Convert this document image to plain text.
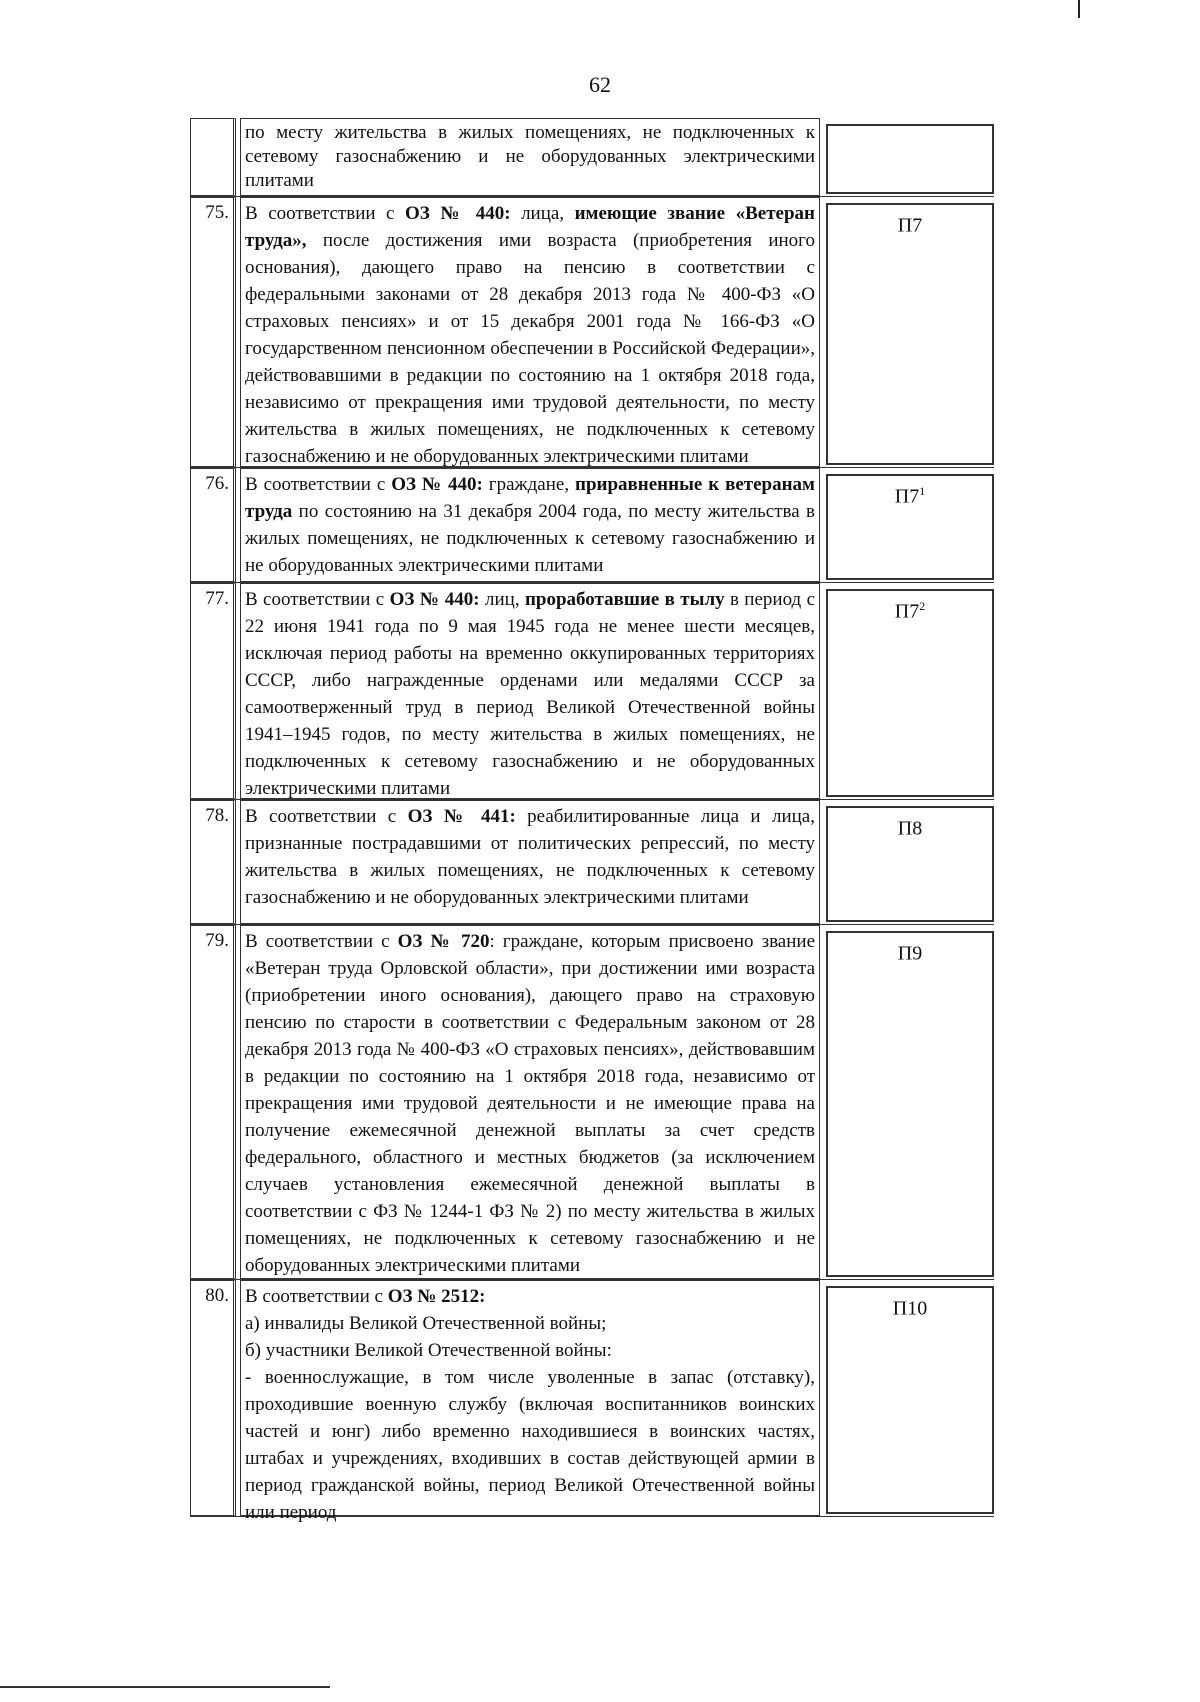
62
по месту жительства в жилых помещениях, не подключенных к сетевому газоснабжению и не оборудованных электрическими плитами
75. В соответствии с ОЗ № 440: лица, имеющие звание «Ветеран труда», после достижения ими возраста (приобретения иного основания), дающего право на пенсию в соответствии с федеральными законами от 28 декабря 2013 года № 400-ФЗ «О страховых пенсиях» и от 15 декабря 2001 года № 166-ФЗ «О государственном пенсионном обеспечении в Российской Федерации», действовавшими в редакции по состоянию на 1 октября 2018 года, независимо от прекращения ими трудовой деятельности, по месту жительства в жилых помещениях, не подключенных к сетевому газоснабжению и не оборудованных электрическими плитами
П7
76. В соответствии с ОЗ № 440: граждане, приравненные к ветеранам труда по состоянию на 31 декабря 2004 года, по месту жительства в жилых помещениях, не подключенных к сетевому газоснабжению и не оборудованных электрическими плитами
$П7^1$
77. В соответствии с ОЗ № 440: лиц, проработавшие в тылу в период с 22 июня 1941 года по 9 мая 1945 года не менее шести месяцев, исключая период работы на временно оккупированных территориях СССР, либо награжденные орденами или медалями СССР за самоотверженный труд в период Великой Отечественной войны 1941–1945 годов, по месту жительства в жилых помещениях, не подключенных к сетевому газоснабжению и не оборудованных электрическими плитами
$П7^2$
78. В соответствии с ОЗ № 441: реабилитированные лица и лица, признанные пострадавшими от политических репрессий, по месту жительства в жилых помещениях, не подключенных к сетевому газоснабжению и не оборудованных электрическими плитами
П8
79. В соответствии с ОЗ № 720: граждане, которым присвоено звание «Ветеран труда Орловской области», при достижении ими возраста (приобретении иного основания), дающего право на страховую пенсию по старости в соответствии с Федеральным законом от 28 декабря 2013 года № 400-ФЗ «О страховых пенсиях», действовавшим в редакции по состоянию на 1 октября 2018 года, независимо от прекращения ими трудовой деятельности и не имеющие права на получение ежемесячной денежной выплаты за счет средств федерального, областного и местных бюджетов (за исключением случаев установления ежемесячной денежной выплаты в соответствии с ФЗ № 1244-1 ФЗ № 2) по месту жительства в жилых помещениях, не подключенных к сетевому газоснабжению и не оборудованных электрическими плитами
П9
80. В соответствии с ОЗ № 2512:
а) инвалиды Великой Отечественной войны;
б) участники Великой Отечественной войны:
- военнослужащие, в том числе уволенные в запас (отставку), проходившие военную службу (включая воспитанников воинских частей и юнг) либо временно находившиеся в воинских частях, штабах и учреждениях, входивших в состав действующей армии в период гражданской войны, период Великой Отечественной войны или период
П10
